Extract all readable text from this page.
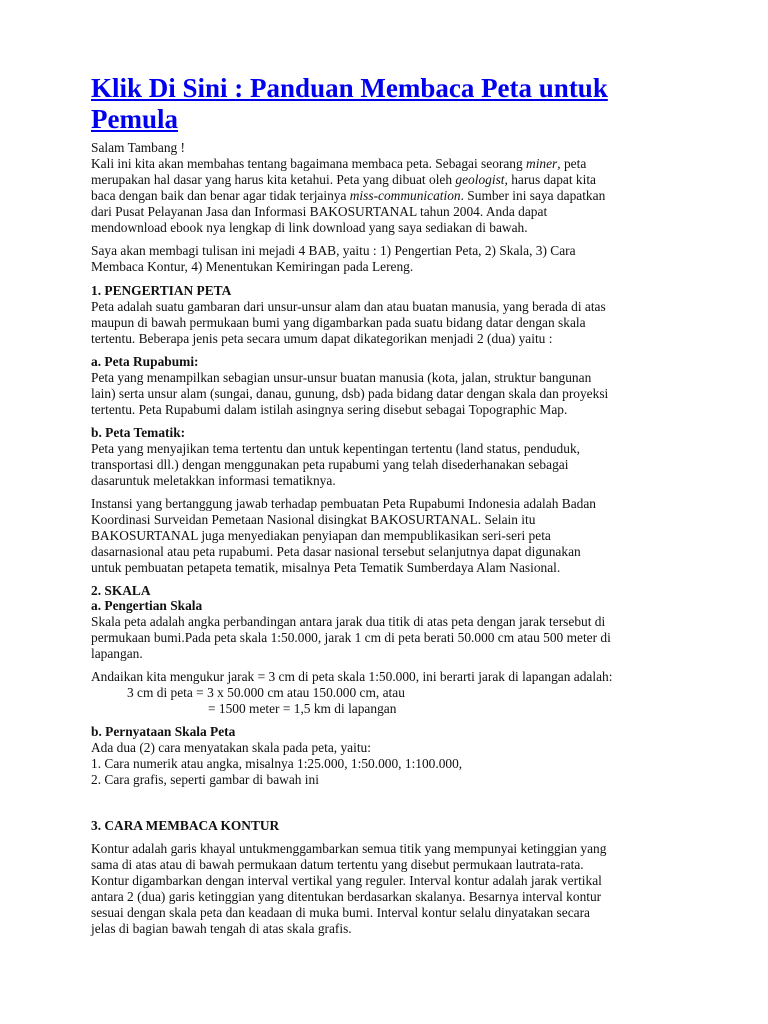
Klik Di Sini : Panduan Membaca Peta untuk
Pemula
Salam Tambang !
Kali ini kita akan membahas tentang bagaimana membaca peta. Sebagai seorang miner, peta
merupakan hal dasar yang harus kita ketahui. Peta yang dibuat oleh geologist, harus dapat kita
baca dengan baik dan benar agar tidak terjainya miss-communication. Sumber ini saya dapatkan
dari Pusat Pelayanan Jasa dan Informasi BAKOSURTANAL tahun 2004. Anda dapat
mendownload ebook nya lengkap di link download yang saya sediakan di bawah.
Saya akan membagi tulisan ini mejadi 4 BAB, yaitu : 1) Pengertian Peta, 2) Skala, 3) Cara
Membaca Kontur, 4) Menentukan Kemiringan pada Lereng.
1. PENGERTIAN PETA
Peta adalah suatu gambaran dari unsur-unsur alam dan atau buatan manusia, yang berada di atas
maupun di bawah permukaan bumi yang digambarkan pada suatu bidang datar dengan skala
tertentu. Beberapa jenis peta secara umum dapat dikategorikan menjadi 2 (dua) yaitu :
a. Peta Rupabumi:
Peta yang menampilkan sebagian unsur-unsur buatan manusia (kota, jalan, struktur bangunan
lain) serta unsur alam (sungai, danau, gunung, dsb) pada bidang datar dengan skala dan proyeksi
tertentu. Peta Rupabumi dalam istilah asingnya sering disebut sebagai Topographic Map.
b. Peta Tematik:
Peta yang menyajikan tema tertentu dan untuk kepentingan tertentu (land status, penduduk,
transportasi dll.) dengan menggunakan peta rupabumi yang telah disederhanakan sebagai
dasaruntuk meletakkan informasi tematiknya.
Instansi yang bertanggung jawab terhadap pembuatan Peta Rupabumi Indonesia adalah Badan
Koordinasi Surveidan Pemetaan Nasional disingkat BAKOSURTANAL. Selain itu
BAKOSURTANAL juga menyediakan penyiapan dan mempublikasikan seri-seri peta
dasarnasional atau peta rupabumi. Peta dasar nasional tersebut selanjutnya dapat digunakan
untuk pembuatan petapeta tematik, misalnya Peta Tematik Sumberdaya Alam Nasional.
2. SKALA
a. Pengertian Skala
Skala peta adalah angka perbandingan antara jarak dua titik di atas peta dengan jarak tersebut di
permukaan bumi.Pada peta skala 1:50.000, jarak 1 cm di peta berati 50.000 cm atau 500 meter di
lapangan.
Andaikan kita mengukur jarak = 3 cm di peta skala 1:50.000, ini berarti jarak di lapangan adalah:
3 cm di peta = 3 x 50.000 cm atau 150.000 cm, atau
= 1500 meter = 1,5 km di lapangan
b. Pernyataan Skala Peta
Ada dua (2) cara menyatakan skala pada peta, yaitu:
1. Cara numerik atau angka, misalnya 1:25.000, 1:50.000, 1:100.000,
2. Cara grafis, seperti gambar di bawah ini
3. CARA MEMBACA KONTUR
Kontur adalah garis khayal untukmenggambarkan semua titik yang mempunyai ketinggian yang
sama di atas atau di bawah permukaan datum tertentu yang disebut permukaan lautrata-rata.
Kontur digambarkan dengan interval vertikal yang reguler. Interval kontur adalah jarak vertikal
antara 2 (dua) garis ketinggian yang ditentukan berdasarkan skalanya. Besarnya interval kontur
sesuai dengan skala peta dan keadaan di muka bumi. Interval kontur selalu dinyatakan secara
jelas di bagian bawah tengah di atas skala grafis.
